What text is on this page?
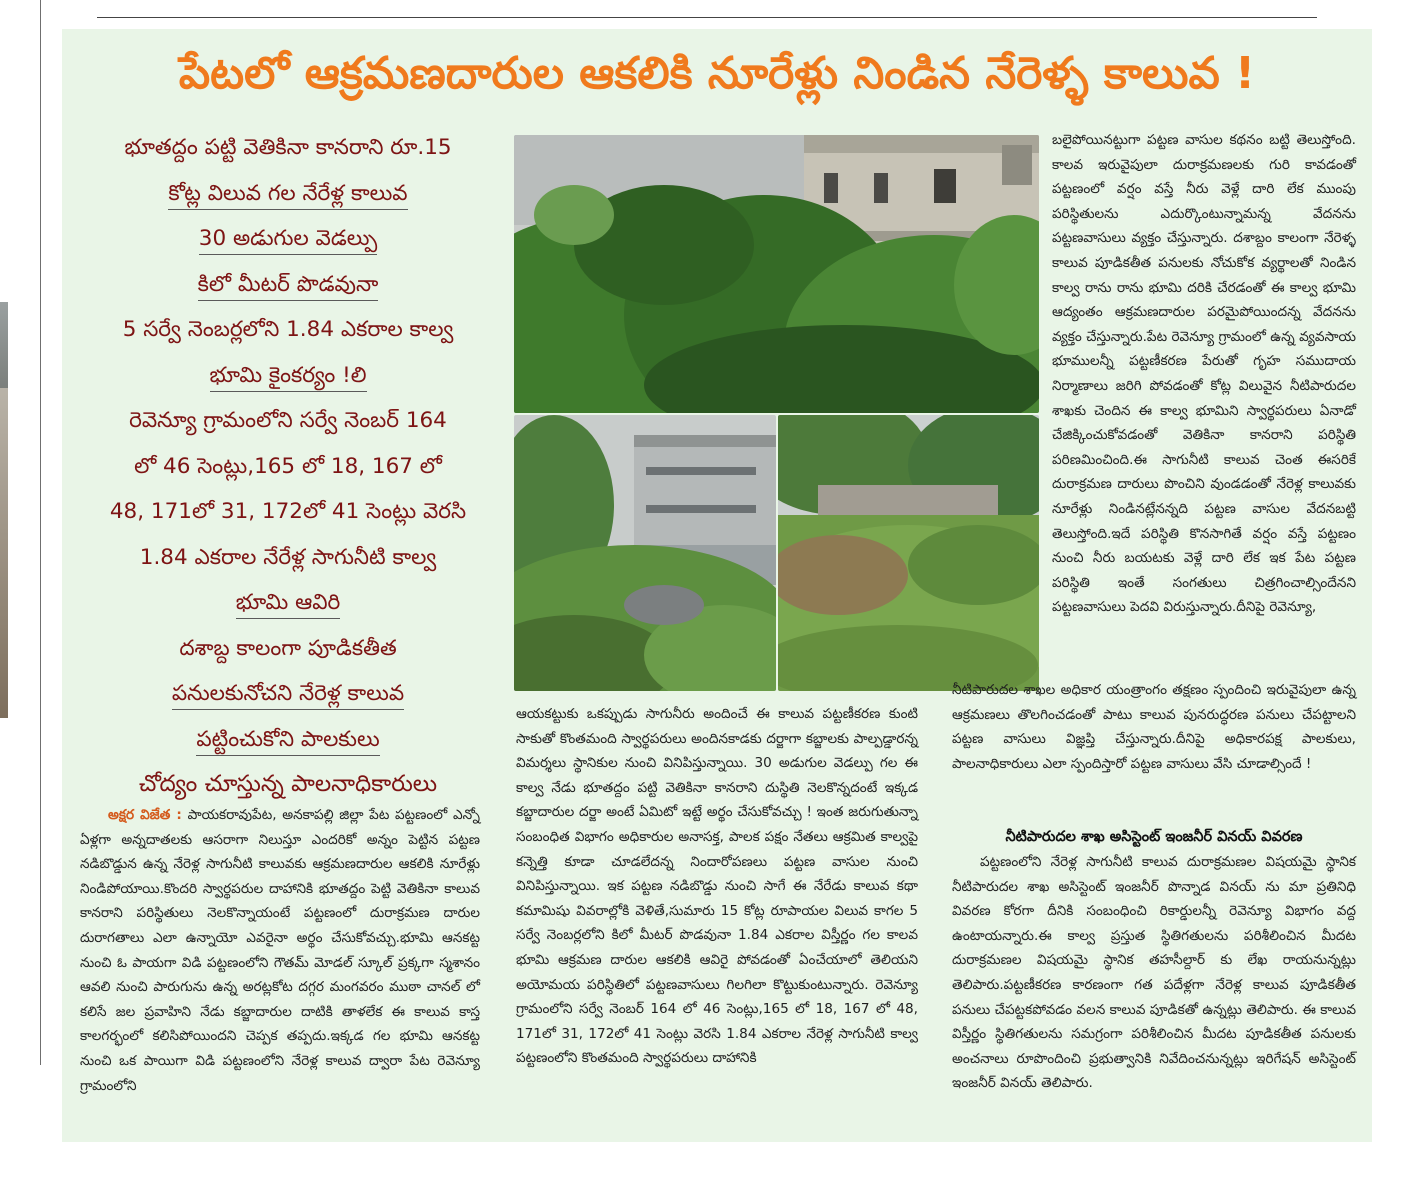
పేటలో ఆక్రమణదారుల ఆకలికి నూరేళ్లు నిండిన నేరెళ్ళ కాలువ !
భూతద్దం పట్టి వెతికినా కానరాని రూ.15
కోట్ల విలువ గల నేరేళ్ల కాలువ
30 అడుగుల వెడల్పు
కిలో మీటర్ పొడవునా
5 సర్వే నెంబర్లలోని 1.84 ఎకరాల కాల్వ
భూమి కైంకర్యం !లి
రెవెన్యూ గ్రామంలోని సర్వే నెంబర్ 164
లో 46 సెంట్లు,165 లో 18, 167 లో
48, 171లో 31, 172లో 41 సెంట్లు వెరసి
1.84 ఎకరాల నేరేళ్ల సాగునీటి కాల్వ
భూమి ఆవిరి
దశాబ్ద కాలంగా పూడికతీత
పనులకునోచని నేరెళ్ల కాలువ
పట్టించుకోని పాలకులు
చోద్యం చూస్తున్న పాలనాధికారులు

అక్షర విజేత : పాయకరావుపేట, అనకాపల్లి జిల్లా పేట పట్టణంలో ఎన్నో ఏళ్లగా అన్నదాతలకు ఆసరాగా నిలుస్తూ ఎందరికో అన్నం పెట్టిన పట్టణ నడిబొడ్డున ఉన్న నేరెళ్ల సాగునీటి కాలువకు ఆక్రమణదారుల ఆకలికి నూరేళ్లు నిండిపోయాయి.కొందరి స్వార్థపరుల దాహానికి భూతద్దం పెట్టి వెతికినా కాలువ కానరాని పరిస్థితులు నెలకొన్నాయంటే పట్టణంలో దురాక్రమణ దారుల దురాగతాలు ఎలా ఉన్నాయో ఎవరైనా అర్థం చేసుకోవచ్చు.భూమి ఆనకట్ట నుంచి ఓ పాయగా విడి పట్టణంలోని గౌతమ్ మోడల్ స్కూల్ ప్రక్కగా స్మశానం ఆవలి నుంచి పారుగును ఉన్న అరట్లకోట దగ్గర మంగవరం ముఠా చానల్ లో కలిసే జల ప్రవాహిని నేడు కబ్జాదారుల దాటికి తాళలేక ఈ కాలువ కాస్త కాలగర్భంలో కలిసిపోయిందని చెప్పక తప్పదు.ఇక్కడ గల భూమి ఆనకట్ట నుంచి ఒక పాయిగా విడి పట్టణంలోని నేరెళ్ల కాలువ ద్వారా పేట రెవెన్యూ గ్రామంలోని

ఆయకట్టుకు ఒకప్పుడు సాగునీరు అందించే ఈ కాలువ పట్టణీకరణ కుంటి సాకుతో కొంతమంది స్వార్థపరులు అందినకాడకు దర్జాగా కబ్జాలకు పాల్పడ్డారన్న విమర్శలు స్థానికుల నుంచి వినిపిస్తున్నాయి. 30 అడుగుల వెడల్పు గల ఈ కాల్వ నేడు భూతద్దం పట్టి వెతికినా కానరాని దుస్థితి నెలకొన్నదంటే ఇక్కడ కబ్జాదారుల దర్జా అంటే ఏమిటో ఇట్టే అర్థం చేసుకోవచ్చు ! ఇంత జరుగుతున్నా సంబంధిత విభాగం అధికారుల అనాసక్త, పాలక పక్షం నేతలు ఆక్రమిత కాల్వపై కన్నెత్తి కూడా చూడలేదన్న నిందారోపణలు పట్టణ వాసుల నుంచి వినిపిస్తున్నాయి. ఇక పట్టణ నడిబొడ్డు నుంచి సాగే ఈ నేరేడు కాలువ కథా కమామిషు వివరాల్లోకి వెళితే,సుమారు 15 కోట్ల రూపాయల విలువ కాగల 5 సర్వే నెంబర్లలోని కిలో మీటర్ పొడవునా 1.84 ఎకరాల విస్తీర్ణం గల కాలవ భూమి ఆక్రమణ దారుల ఆకలికి ఆవిరై పోవడంతో ఏంచేయాలో తెలియని అయోమయ పరిస్థితిలో పట్టణవాసులు గిలగిలా కొట్టుకుంటున్నారు. రెవెన్యూ గ్రామంలోని సర్వే నెంబర్ 164 లో 46 సెంట్లు,165 లో 18, 167 లో 48, 171లో 31, 172లో 41 సెంట్లు వెరసి 1.84 ఎకరాల నేరెళ్ల సాగునీటి కాల్వ పట్టణంలోని కొంతమంది స్వార్థపరులు దాహానికి

బలైపోయినట్టుగా పట్టణ వాసుల కథనం బట్టి తెలుస్తోంది. కాలవ ఇరువైపులా దురాక్రమణలకు గురి కావడంతో పట్టణంలో వర్షం వస్తే నీరు వెళ్లే దారి లేక ముంపు పరిస్థితులను ఎదుర్కొంటున్నామన్న వేదనను పట్టణవాసులు వ్యక్తం చేస్తున్నారు. దశాబ్దం కాలంగా నేరెళ్ళ కాలువ పూడికతీత పనులకు నోచుకోక వ్యర్థాలతో నిండిన కాల్వ రాను రాను భూమి దరికి చేరడంతో ఈ కాల్వ భూమి ఆద్యంతం ఆక్రమణదారుల పరమైపోయిందన్న వేదనను వ్యక్తం చేస్తున్నారు.పేట రెవెన్యూ గ్రామంలో ఉన్న వ్యవసాయ భూములన్నీ పట్టణీకరణ పేరుతో గృహ సముదాయ నిర్మాణాలు జరిగి పోవడంతో కోట్ల విలువైన నీటిపారుదల శాఖకు చెందిన ఈ కాల్వ భూమిని స్వార్థపరులు ఏనాడో చేజిక్కించుకోవడంతో వెతికినా కానరాని పరిస్థితి పరిణమించింది.ఈ సాగునీటి కాలువ చెంత ఈసరికే దురాక్రమణ దారులు పొంచిని వుండడంతో నేరెళ్ల కాలువకు నూరేళ్లు నిండినట్లేనన్నది పట్టణ వాసుల వేదనబట్టి తెలుస్తోంది.ఇదే పరిస్థితి కొనసాగితే వర్షం వస్తే పట్టణం నుంచి నీరు బయటకు వెళ్లే దారి లేక ఇక పేట పట్టణ పరిస్థితి ఇంతే సంగతులు చిత్రగించాల్సిందేనని పట్టణవాసులు పెదవి విరుస్తున్నారు.దీనిపై రెవెన్యూ,

నీటిపారుదల శాఖల అధికార యంత్రాంగం తక్షణం స్పందించి ఇరువైపులా ఉన్న ఆక్రమణలు తొలగించడంతో పాటు కాలువ పునరుద్ధరణ పనులు చేపట్టాలని పట్టణ వాసులు విజ్ఞప్తి చేస్తున్నారు.దీనిపై అధికారపక్ష పాలకులు, పాలనాధికారులు ఎలా స్పందిస్తారో పట్టణ వాసులు వేసి చూడాల్సిందే !

నీటిపారుదల శాఖ అసిస్టెంట్ ఇంజనీర్ వినయ్ వివరణ

పట్టణంలోని నేరెళ్ల సాగునీటి కాలువ దురాక్రమణల విషయమై స్థానిక నీటిపారుదల శాఖ అసిస్టెంట్ ఇంజనీర్ పొన్నాడ వినయ్ ను మా ప్రతినిధి వివరణ కోరగా దీనికి సంబంధించి రికార్డులన్నీ రెవెన్యూ విభాగం వద్ద ఉంటాయన్నారు.ఈ కాల్వ ప్రస్తుత స్థితిగతులను పరిశీలించిన మీదట దురాక్రమణల విషయమై స్థానిక తహసీల్దార్ కు లేఖ రాయనున్నట్లు తెలిపారు.పట్టణీకరణ కారణంగా గత పదేళ్లగా నేరెళ్ల కాలువ పూడికతీత పనులు చేపట్టకపోవడం వలన కాలువ పూడికతో ఉన్నట్లు తెలిపారు. ఈ కాలువ విస్తీర్ణం స్థితిగతులను సమగ్రంగా పరిశీలించిన మీదట పూడికతీత పనులకు అంచనాలు రూపొందించి ప్రభుత్వానికి నివేదించనున్నట్లు ఇరిగేషన్ అసిస్టెంట్ ఇంజనీర్ వినయ్ తెలిపారు.
